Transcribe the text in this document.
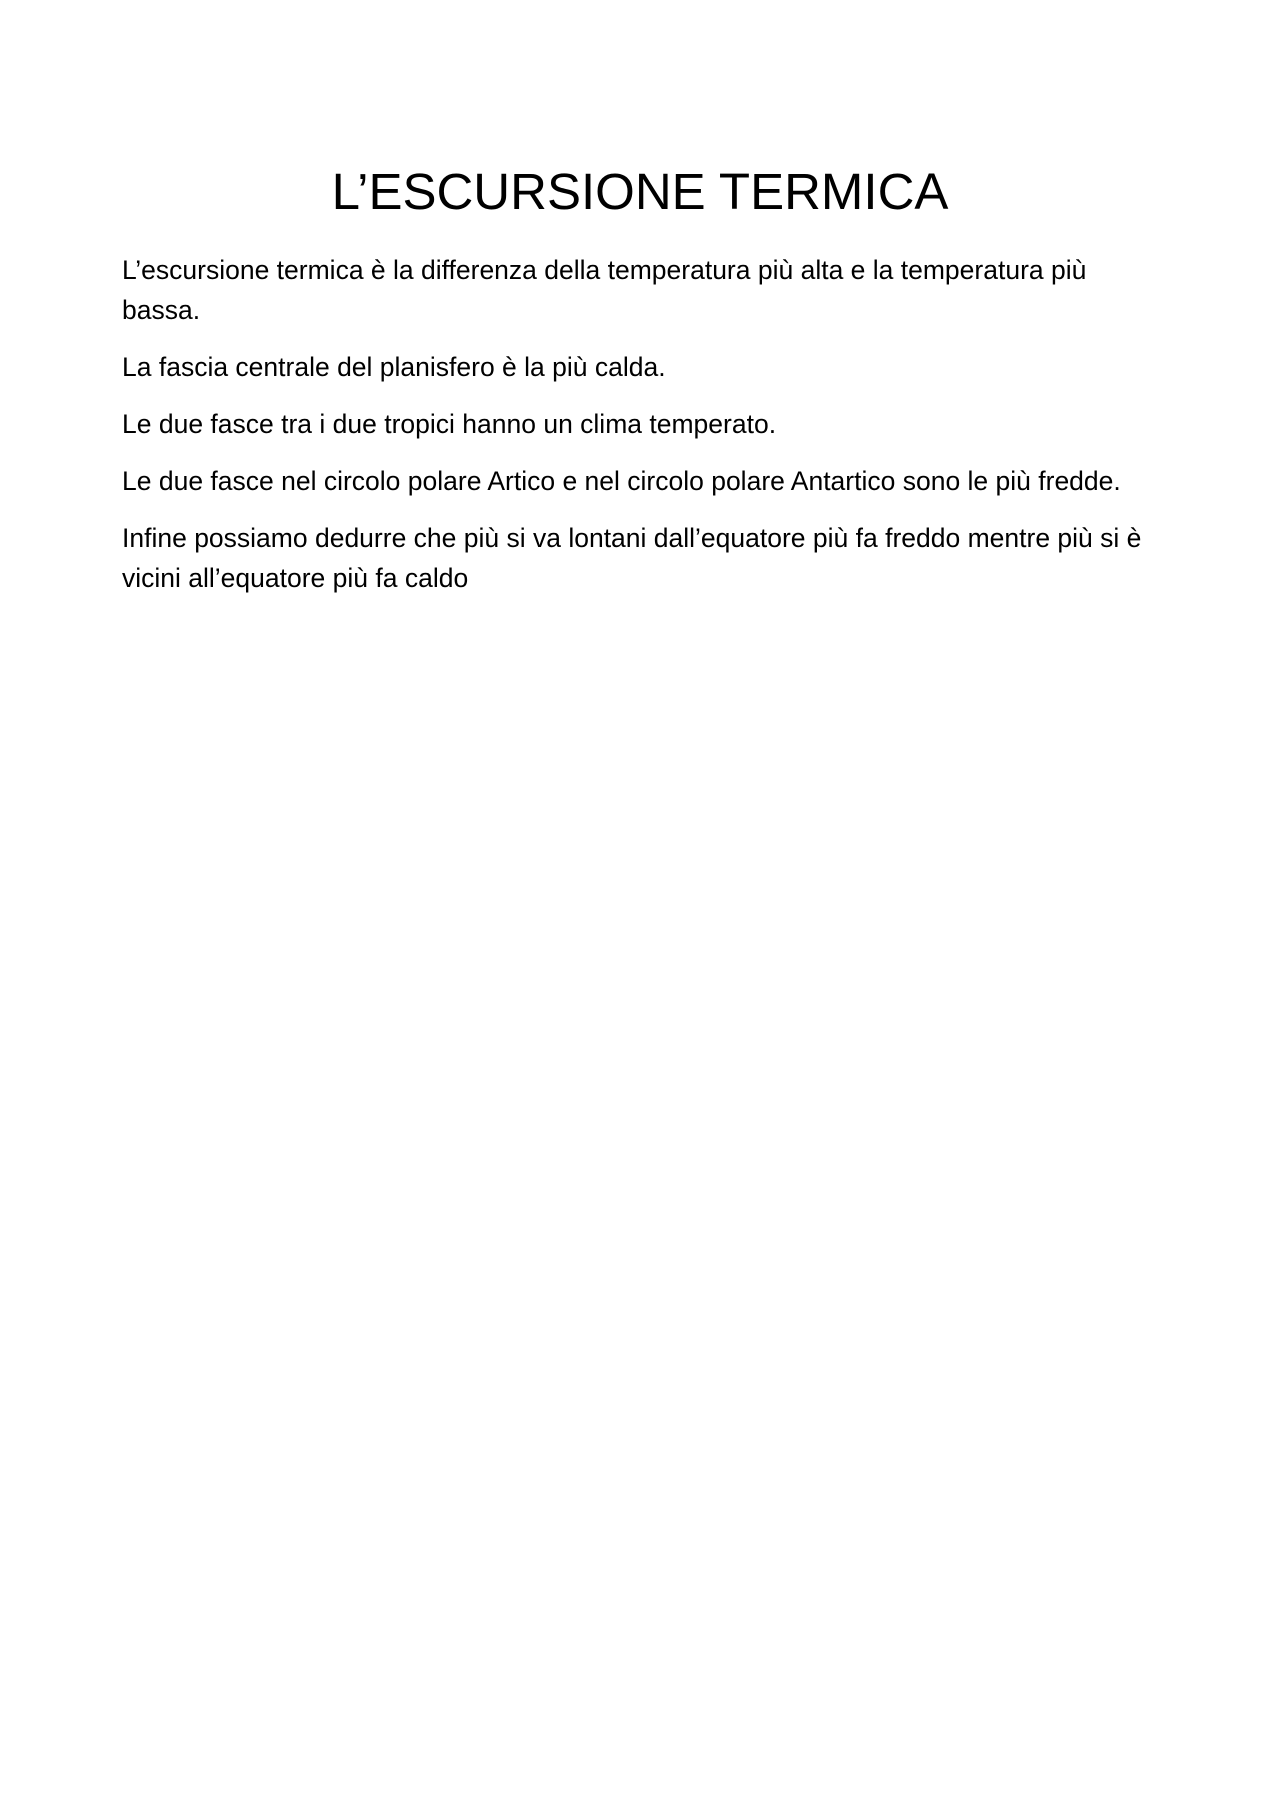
L’ESCURSIONE TERMICA

L’escursione termica è la differenza della temperatura più alta e la temperatura più bassa.

La fascia centrale del planisfero è la più calda.

Le due fasce tra i due tropici hanno un clima temperato.

Le due fasce nel circolo polare Artico e nel circolo polare Antartico sono le più fredde.

Infine possiamo dedurre che più si va lontani dall’equatore più fa freddo mentre più si è vicini all’equatore più fa caldo
